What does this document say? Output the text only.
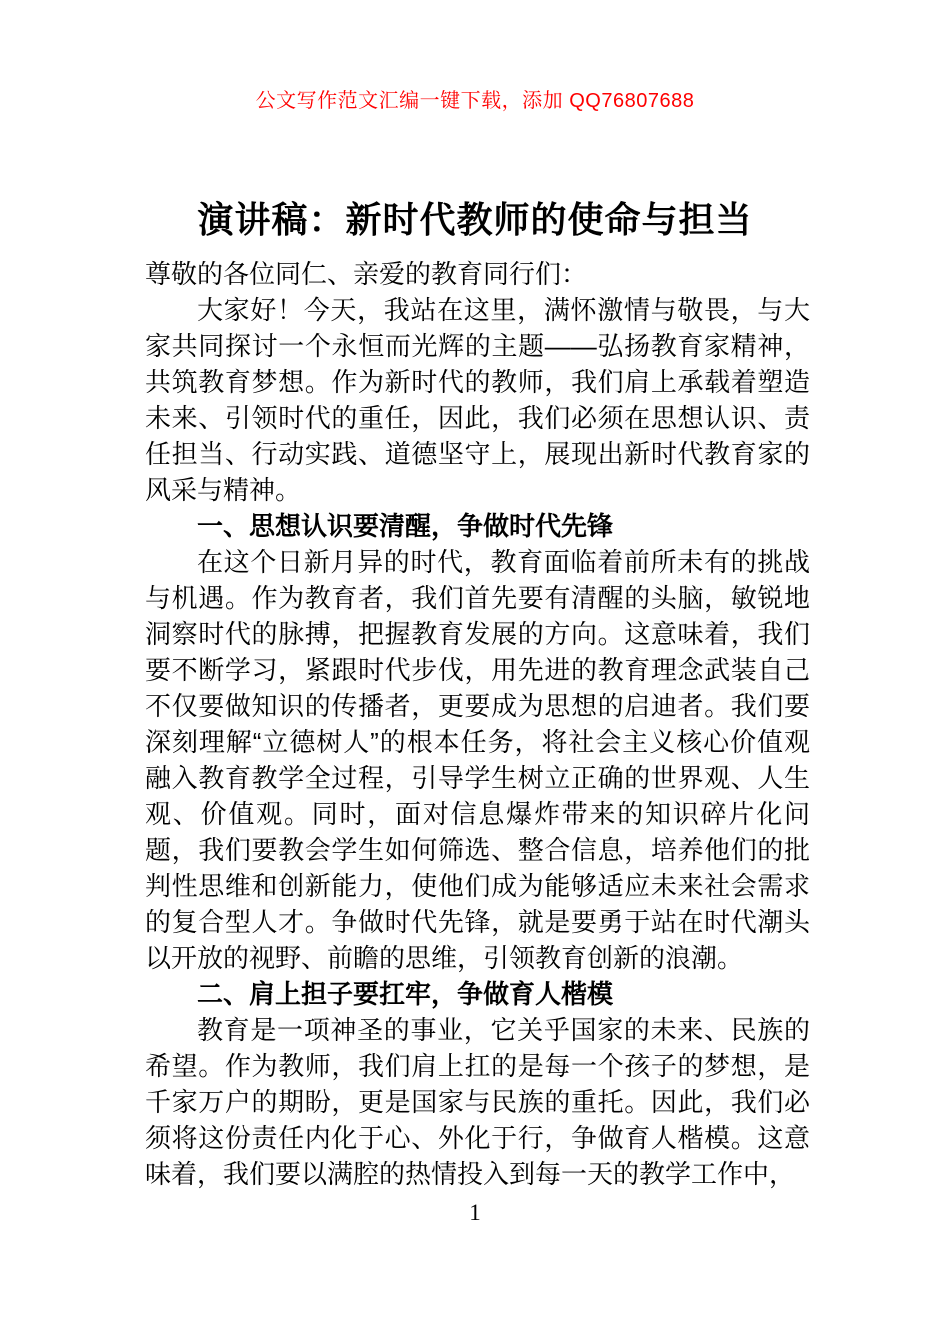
公文写作范文汇编一键下载，添加 QQ76807688
演讲稿：新时代教师的使命与担当

尊敬的各位同仁、亲爱的教育同行们：

大家好！今天，我站在这里，满怀激情与敬畏，与大家共同探讨一个永恒而光辉的主题——弘扬教育家精神，共筑教育梦想。作为新时代的教师，我们肩上承载着塑造未来、引领时代的重任，因此，我们必须在思想认识、责任担当、行动实践、道德坚守上，展现出新时代教育家的风采与精神。

一、思想认识要清醒，争做时代先锋

在这个日新月异的时代，教育面临着前所未有的挑战与机遇。作为教育者，我们首先要有清醒的头脑，敏锐地洞察时代的脉搏，把握教育发展的方向。这意味着，我们要不断学习，紧跟时代步伐，用先进的教育理念武装自己不仅要做知识的传播者，更要成为思想的启迪者。我们要深刻理解“立德树人”的根本任务，将社会主义核心价值观融入教育教学全过程，引导学生树立正确的世界观、人生观、价值观。同时，面对信息爆炸带来的知识碎片化问题，我们要教会学生如何筛选、整合信息，培养他们的批判性思维和创新能力，使他们成为能够适应未来社会需求的复合型人才。争做时代先锋，就是要勇于站在时代潮头以开放的视野、前瞻的思维，引领教育创新的浪潮。

二、肩上担子要扛牢，争做育人楷模

教育是一项神圣的事业，它关乎国家的未来、民族的希望。作为教师，我们肩上扛的是每一个孩子的梦想，是千家万户的期盼，更是国家与民族的重托。因此，我们必须将这份责任内化于心、外化于行，争做育人楷模。这意味着，我们要以满腔的热情投入到每一天的教学工作中，

1
